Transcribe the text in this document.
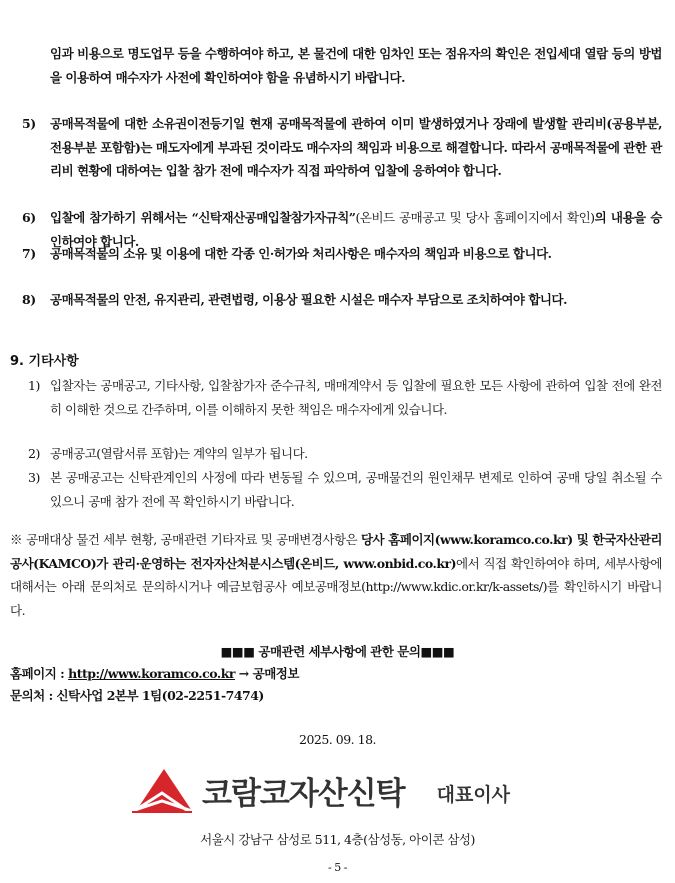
임과 비용으로 명도업무 등을 수행하여야 하고, 본 물건에 대한 임차인 또는 점유자의 확인은 전입세대 열람 등의 방법을 이용하여 매수자가 사전에 확인하여야 함을 유념하시기 바랍니다.
5)	공매목적물에 대한 소유권이전등기일 현재 공매목적물에 관하여 이미 발생하였거나 장래에 발생할 관리비(공용부분, 전용부분 포함함)는 매도자에게 부과된 것이라도 매수자의 책임과 비용으로 해결합니다. 따라서 공매목적물에 관한 관리비 현황에 대하여는 입찰 참가 전에 매수자가 직접 파악하여 입찰에 응하여야 합니다.
6)	입찰에 참가하기 위해서는 “신탁재산공매입찰참가자규칙”(온비드 공매공고 및 당사 홈페이지에서 확인)의 내용을 승인하여야 합니다.
7)	공매목적물의 소유 및 이용에 대한 각종 인·허가와 처리사항은 매수자의 책임과 비용으로 합니다.
8)	공매목적물의 안전, 유지관리, 관련법령, 이용상 필요한 시설은 매수자 부담으로 조치하여야 합니다.
9. 기타사항
1) 입찰자는 공매공고, 기타사항, 입찰참가자 준수규칙, 매매계약서 등 입찰에 필요한 모든 사항에 관하여 입찰 전에 완전히 이해한 것으로 간주하며, 이를 이해하지 못한 책임은 매수자에게 있습니다.
2) 공매공고(열람서류 포함)는 계약의 일부가 됩니다.
3) 본 공매공고는 신탁관계인의 사정에 따라 변동될 수 있으며, 공매물건의 원인채무 변제로 인하여 공매 당일 취소될 수 있으니 공매 참가 전에 꼭 확인하시기 바랍니다.
※ 공매대상 물건 세부 현황, 공매관련 기타자료 및 공매변경사항은 당사 홈페이지(www.koramco.co.kr) 및 한국자산관리공사(KAMCO)가 관리·운영하는 전자자산처분시스템(온비드, www.onbid.co.kr)에서 직접 확인하여야 하며, 세부사항에 대해서는 아래 문의처로 문의하시거나 예금보험공사 예보공매정보(http://www.kdic.or.kr/k-assets/)를 확인하시기 바랍니다.
■■■ 공매관련 세부사항에 관한 문의■■■
홈페이지 : http://www.koramco.co.kr → 공매정보
문의처 : 신탁사업 2본부 1팀(02-2251-7474)
2025. 09. 18.
코람코자산신탁 대표이사
서울시 강남구 삼성로 511, 4층(삼성동, 아이콘 삼성)
- 5 -
